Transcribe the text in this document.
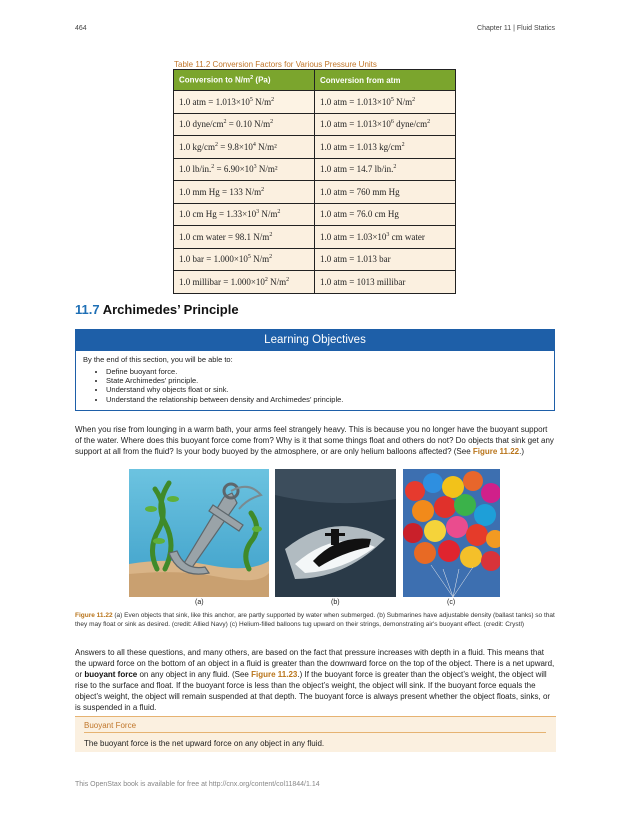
464	Chapter 11 | Fluid Statics
Table 11.2 Conversion Factors for Various Pressure Units
Conversion to $N/m^2$ (Pa)	Conversion from atm
1.0 atm = $1.013\times 10^5$ $N/m^2$	1.0 atm = $1.013\times 10^5$ $N/m^2$
1.0 dyne/$cm^2 = 0.10$ $N/m^2$	1.0 atm = $1.013\times 10^6$ dyne/$cm^2$
1.0 $kg/cm^2 = 9.8\times 10^4$ N/m²	1.0 atm = 1.013 $kg/cm^2$
1.0 $lb/in.^2 = 6.90\times 10^3$ N/m²	1.0 atm = 14.7 lb/in.$^2$
1.0 mm Hg = 133 $N/m^2$	1.0 atm = 760 mm Hg
1.0 cm $Hg = 1.33\times 10^3$ $N/m^2$	1.0 atm = 76.0 cm Hg
1.0 cm water = 98.1 $N/m^2$	1.0 atm = $1.03\times 10^3$ cm water
1.0 bar = $1.000\times 10^5$ $N/m^2$	1.0 atm = 1.013 bar
1.0 millibar = $1.000\times 10^2$ $N/m^2$	1.0 atm = 1013 millibar
11.7 Archimedes’ Principle
Learning Objectives
By the end of this section, you will be able to:
• Define buoyant force.
• State Archimedes’ principle.
• Understand why objects float or sink.
• Understand the relationship between density and Archimedes’ principle.

When you rise from lounging in a warm bath, your arms feel strangely heavy. This is because you no longer have the buoyant support of the water. Where does this buoyant force come from? Why is it that some things float and others do not? Do objects that sink get any support at all from the fluid? Is your body buoyed by the atmosphere, or are only helium balloons affected? (See Figure 11.22.)

(a)	(b)	(c)
Figure 11.22 (a) Even objects that sink, like this anchor, are partly supported by water when submerged. (b) Submarines have adjustable density (ballast tanks) so that they may float or sink as desired. (credit: Allied Navy) (c) Helium-filled balloons tug upward on their strings, demonstrating air's buoyant effect. (credit: Crystl)

Answers to all these questions, and many others, are based on the fact that pressure increases with depth in a fluid. This means that the upward force on the bottom of an object in a fluid is greater than the downward force on the top of the object. There is a net upward, or buoyant force on any object in any fluid. (See Figure 11.23.) If the buoyant force is greater than the object’s weight, the object will rise to the surface and float. If the buoyant force is less than the object’s weight, the object will sink. If the buoyant force equals the object’s weight, the object will remain suspended at that depth. The buoyant force is always present whether the object floats, sinks, or is suspended in a fluid.

Buoyant Force
The buoyant force is the net upward force on any object in any fluid.
This OpenStax book is available for free at http://cnx.org/content/col11844/1.14
